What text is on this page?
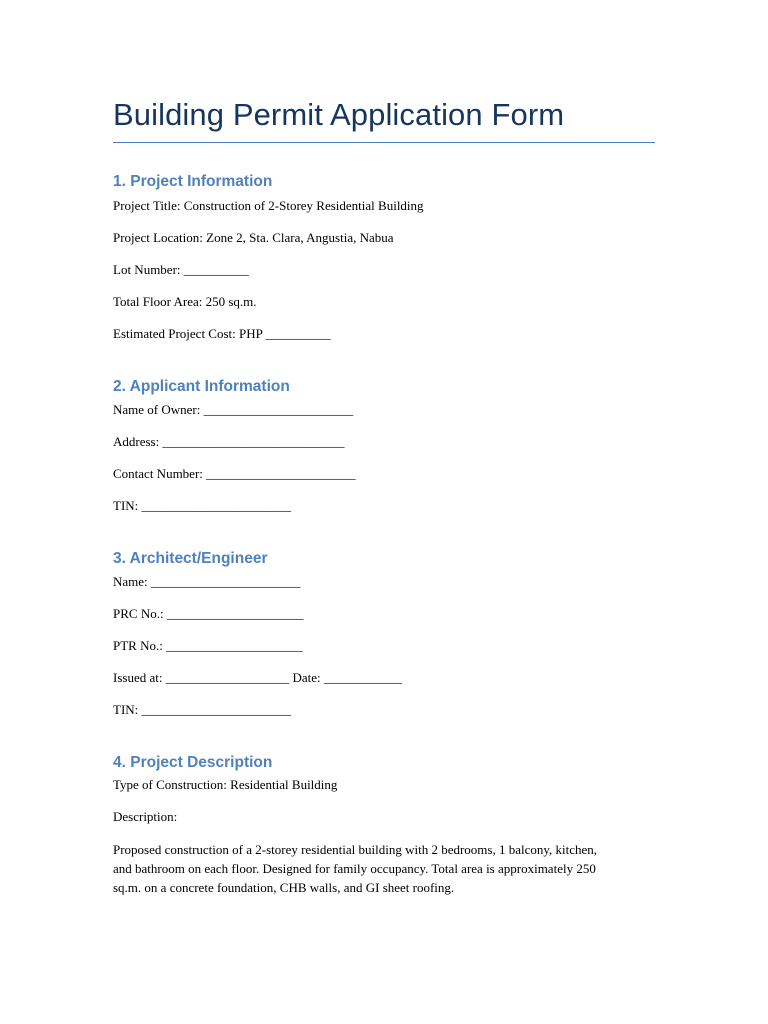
Building Permit Application Form
1. Project Information

Project Title: Construction of 2-Storey Residential Building

Project Location: Zone 2, Sta. Clara, Angustia, Nabua

Lot Number: __________

Total Floor Area: 250 sq.m.

Estimated Project Cost: PHP __________

2. Applicant Information

Name of Owner: _______________________

Address: ____________________________

Contact Number: _______________________

TIN: _______________________

3. Architect/Engineer

Name: _______________________

PRC No.: _____________________

PTR No.: _____________________

Issued at: ___________________ Date: ____________

TIN: _______________________

4. Project Description

Type of Construction: Residential Building

Description:

Proposed construction of a 2-storey residential building with 2 bedrooms, 1 balcony, kitchen, and bathroom on each floor. Designed for family occupancy. Total area is approximately 250 sq.m. on a concrete foundation, CHB walls, and GI sheet roofing.
